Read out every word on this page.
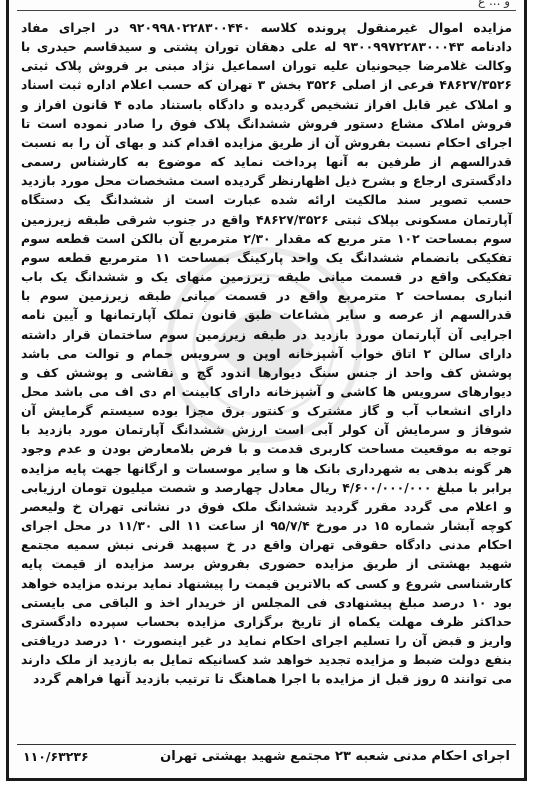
و ... ع
مزایده اموال غیرمنقول پرونده کلاسه ۹۲۰۹۹۸۰۲۲۸۳۰۰۴۴۰ در اجرای مفاد دادنامه ۹۳۰۰۹۹۷۲۲۸۳۰۰۰۴۳ له علی دهقان توران پشتی و سیدقاسم حیدری با وکالت غلامرضا جیحونیان علیه توران اسماعیل نژاد مبنی بر فروش پلاک ثبتی ۴۸۶۲۷/۳۵۲۶ فرعی از اصلی ۳۵۲۶ بخش ۳ تهران که حسب اعلام اداره ثبت اسناد و املاک غیر قابل افراز تشخیص گردیده و دادگاه باستناد ماده ۴ قانون افراز و فروش املاک مشاع دستور فروش ششدانگ پلاک فوق را صادر نموده است تا اجرای احکام نسبت بفروش آن از طریق مزایده اقدام کند و بهای آن را به نسبت قدرالسهم از طرفین به آنها پرداخت نماید که موضوع به کارشناس رسمی دادگستری ارجاع و بشرح ذیل اظهارنظر گردیده است مشخصات محل مورد بازدید حسب تصویر سند مالکیت ارائه شده عبارت است از ششدانگ یک دستگاه آپارتمان مسکونی بپلاک ثبتی ۴۸۶۲۷/۳۵۲۶ واقع در جنوب شرقی طبقه زیرزمین سوم بمساحت ۱۰۲ متر مربع که مقدار ۲/۳۰ مترمربع آن بالکن است قطعه سوم تفکیکی بانضمام ششدانگ یک واحد پارکینگ بمساحت ۱۱ مترمربع قطعه سوم تفکیکی واقع در قسمت میانی طبقه زیرزمین منهای یک و ششدانگ یک باب انباری بمساحت ۲ مترمربع واقع در قسمت میانی طبقه زیرزمین سوم با قدرالسهم از عرصه و سایر مشاعات طبق قانون تملک آپارتمانها و آیین نامه اجرایی آن آپارتمان مورد بازدید در طبقه زیرزمین سوم ساختمان قرار داشته دارای سالن ۲ اتاق خواب آشپزخانه اوپن و سرویس حمام و توالت می باشد پوشش کف واحد از جنس سنگ دیوارها اندود گچ و نقاشی و پوشش کف و دیوارهای سرویس ها کاشی و آشپزخانه دارای کابینت ام دی اف می باشد محل دارای انشعاب آب و گاز مشترک و کنتور برق مجزا بوده سیستم گرمایش آن شوفاژ و سرمایش آن کولر آبی است ارزش ششدانگ آپارتمان مورد بازدید با توجه به موقعیت مساحت کاربری قدمت و با فرض بلامعارض بودن و عدم وجود هر گونه بدهی به شهرداری بانک ها و سایر موسسات و ارگانها جهت پایه مزایده برابر با مبلغ ۴/۶۰۰/۰۰۰/۰۰۰ ریال معادل چهارصد و شصت میلیون تومان ارزیابی و اعلام می گردد مقرر گردید ششدانگ ملک فوق در نشانی تهران خ ولیعصر کوچه آبشار شماره ۱۵ در مورخ ۹۵/۷/۴ از ساعت ۱۱ الی ۱۱/۳۰ در محل اجرای احکام مدنی دادگاه حقوقی تهران واقع در خ سپهبد قرنی نبش سمیه مجتمع شهید بهشتی از طریق مزایده حضوری بفروش برسد مزایده از قیمت پایه کارشناسی شروع و کسی که بالاترین قیمت را پیشنهاد نماید برنده مزایده خواهد بود ۱۰ درصد مبلغ پیشنهادی فی المجلس از خریدار اخذ و الباقی می بایستی حداکثر ظرف مهلت یکماه از تاریخ برگزاری مزایده بحساب سپرده دادگستری واریز و قبض آن را تسلیم اجرای احکام نماید در غیر اینصورت ۱۰ درصد دریافتی بنفع دولت ضبط و مزایده تجدید خواهد شد کسانیکه تمایل به بازدید از ملک دارند می توانند ۵ روز قبل از مزایده با اجرا هماهنگ تا ترتیب بازدید آنها فراهم گردد
اجرای احکام مدنی شعبه ۲۳ مجتمع شهید بهشتی تهران
۱۱۰/۶۳۲۳۶
